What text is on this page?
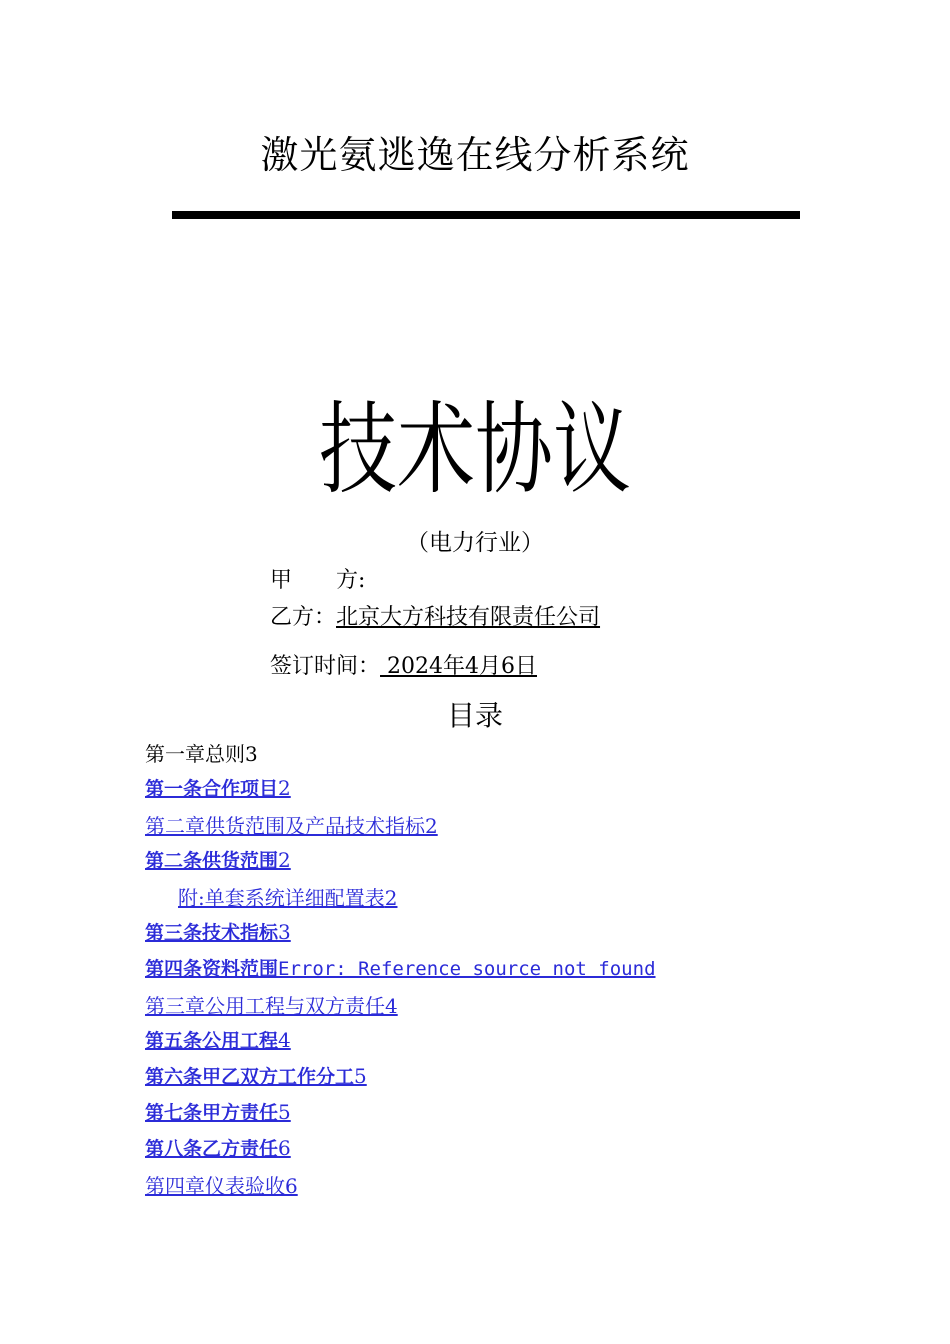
激光氨逃逸在线分析系统
技术协议
（电力行业）
甲　　方:
乙方：北京大方科技有限责任公司
签订时间： 2024年4月6日
目录
第一章总则3
第一条合作项目2
第二章供货范围及产品技术指标2
第二条供货范围2
附:单套系统详细配置表2
第三条技术指标3
第四条资料范围Error: Reference source not found
第三章公用工程与双方责任4
第五条公用工程4
第六条甲乙双方工作分工5
第七条甲方责任5
第八条乙方责任6
第四章仪表验收6
